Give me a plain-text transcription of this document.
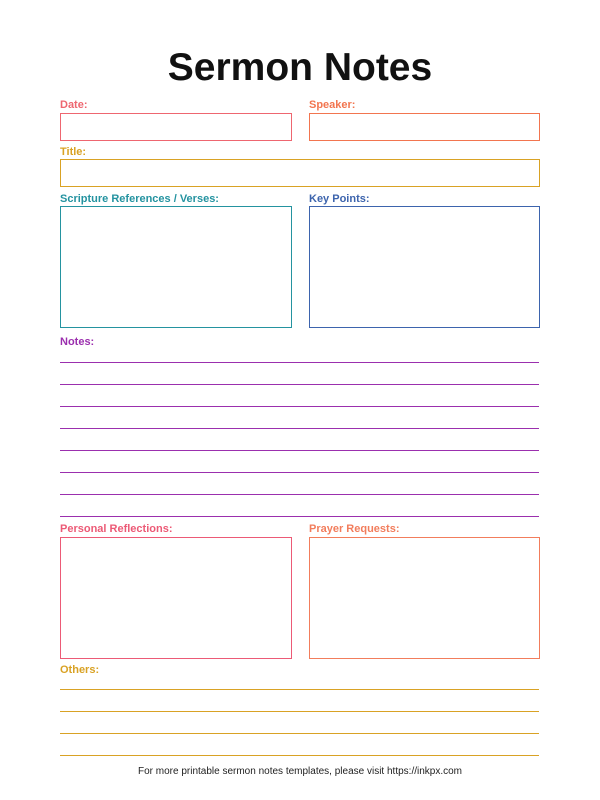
Sermon Notes
Date:	Speaker:
Title:
Scripture References / Verses:	Key Points:
Notes:
Personal Reflections:	Prayer Requests:
Others:
For more printable sermon notes templates, please visit https://inkpx.com
